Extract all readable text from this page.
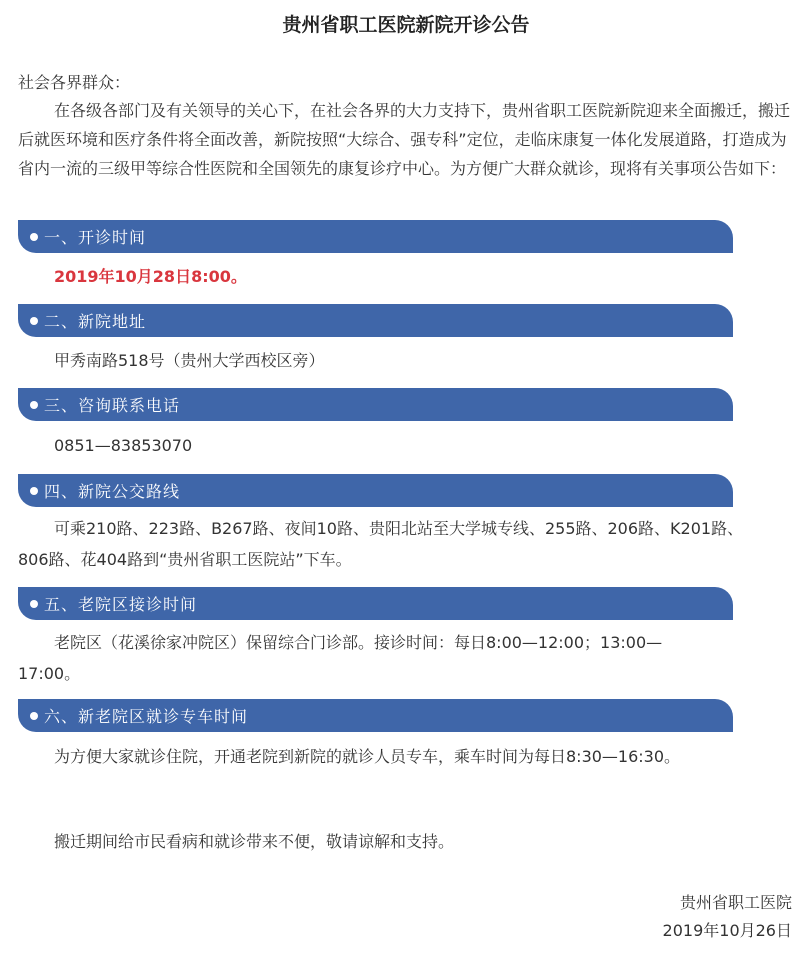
贵州省职工医院新院开诊公告
社会各界群众：
在各级各部门及有关领导的关心下，在社会各界的大力支持下，贵州省职工医院新院迎来全面搬迁，搬迁后就医环境和医疗条件将全面改善，新院按照“大综合、强专科”定位，走临床康复一体化发展道路，打造成为省内一流的三级甲等综合性医院和全国领先的康复诊疗中心。为方便广大群众就诊，现将有关事项公告如下：
一、开诊时间
2019年10月28日8:00。
二、新院地址
甲秀南路518号（贵州大学西校区旁）
三、咨询联系电话
0851—83853070
四、新院公交路线
可乘210路、223路、B267路、夜间10路、贵阳北站至大学城专线、255路、206路、K201路、
806路、花404路到“贵州省职工医院站”下车。
五、老院区接诊时间
老院区（花溪徐家冲院区）保留综合门诊部。接诊时间：每日8:00—12:00；13:00—
17:00。
六、新老院区就诊专车时间
为方便大家就诊住院，开通老院到新院的就诊人员专车，乘车时间为每日8:30—16:30。
搬迁期间给市民看病和就诊带来不便，敬请谅解和支持。
贵州省职工医院
2019年10月26日
